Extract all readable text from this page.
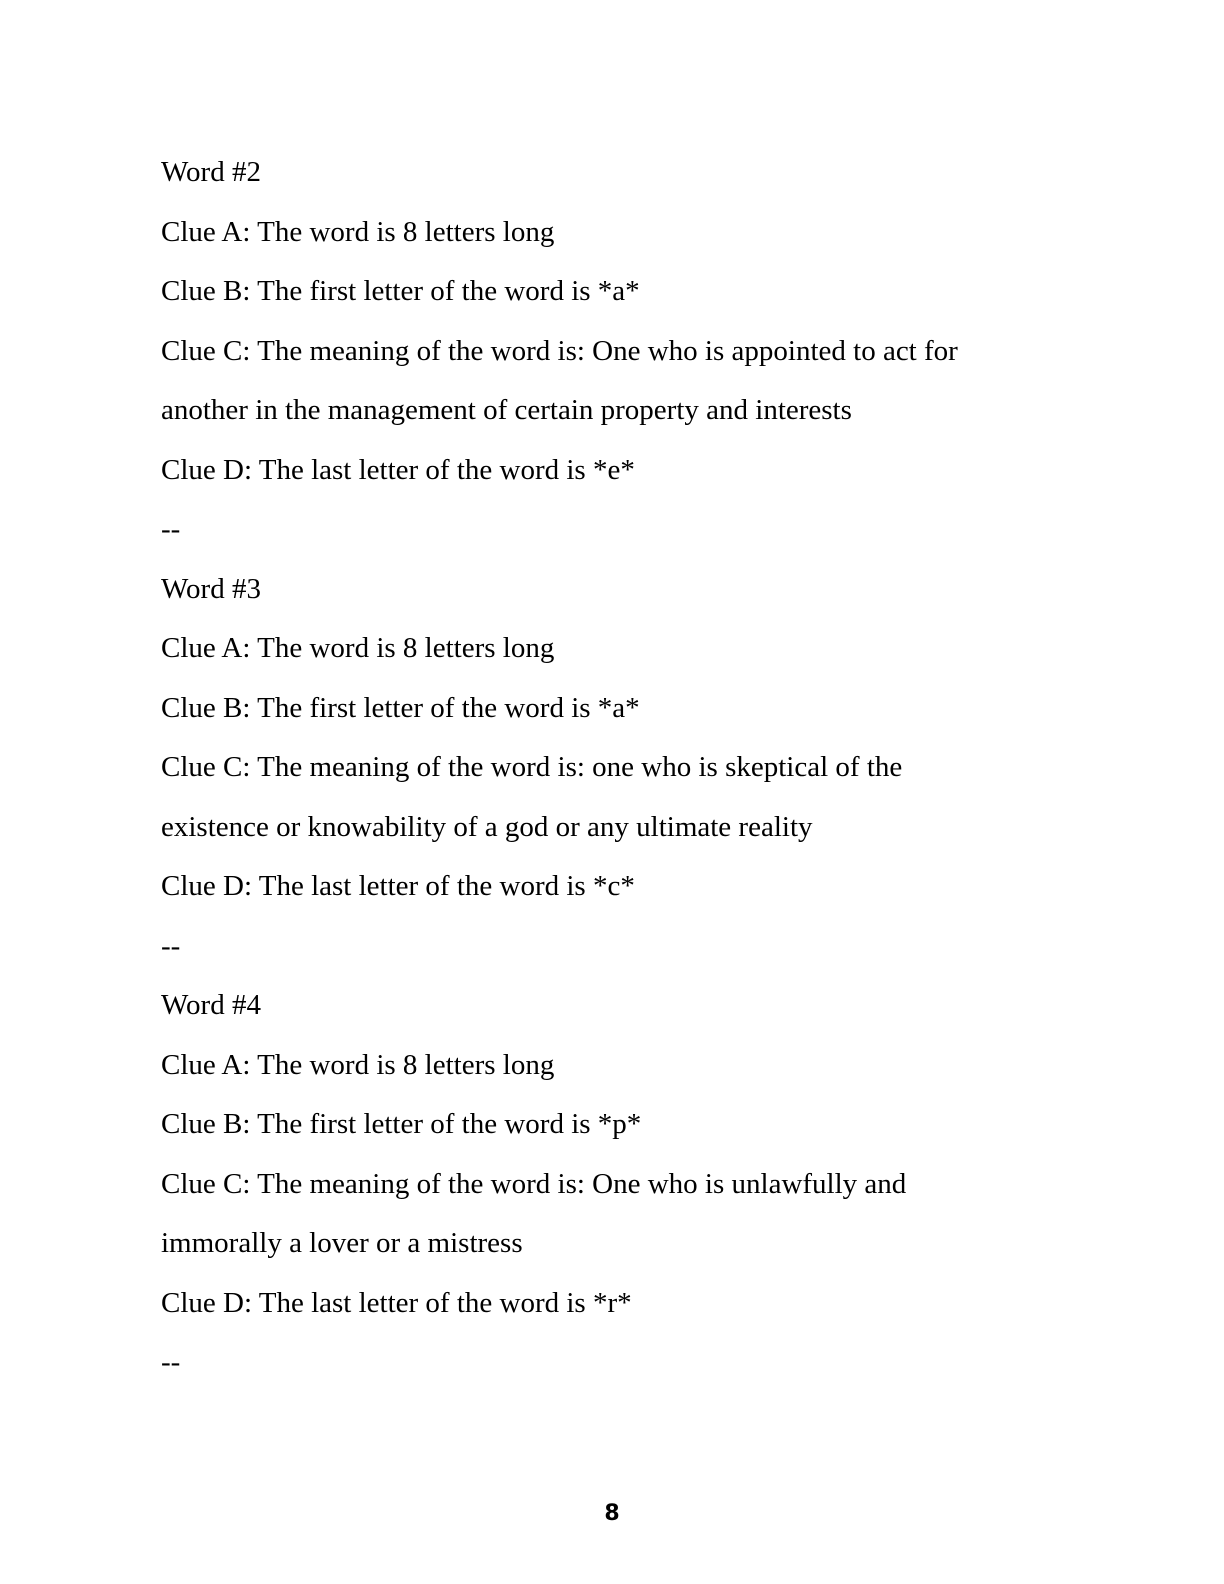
Word #2
Clue A: The word is 8 letters long
Clue B: The first letter of the word is *a*
Clue C: The meaning of the word is: One who is appointed to act for
another in the management of certain property and interests
Clue D: The last letter of the word is *e*
--
Word #3
Clue A: The word is 8 letters long
Clue B: The first letter of the word is *a*
Clue C: The meaning of the word is: one who is skeptical of the
existence or knowability of a god or any ultimate reality
Clue D: The last letter of the word is *c*
--
Word #4
Clue A: The word is 8 letters long
Clue B: The first letter of the word is *p*
Clue C: The meaning of the word is: One who is unlawfully and
immorally a lover or a mistress
Clue D: The last letter of the word is *r*
--
8
